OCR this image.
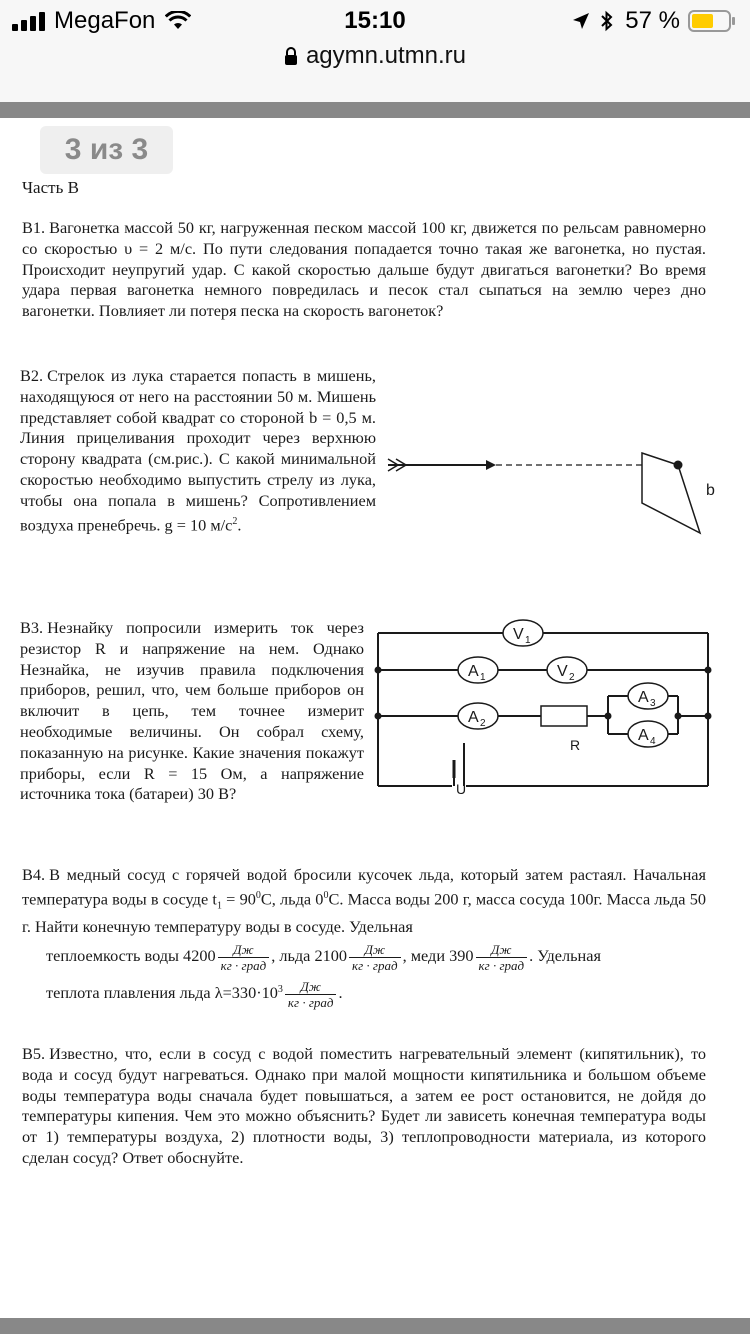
MegaFon	15:10	57 %
agymn.utmn.ru
3 из 3
Часть В
В1. Вагонетка массой 50 кг, нагруженная песком массой 100 кг, движется по рельсам равномерно со скоростью υ = 2 м/с. По пути следования попадается точно такая же вагонетка, но пустая. Происходит неупругий удар. С какой скоростью дальше будут двигаться вагонетки? Во время удара первая вагонетка немного повредилась и песок стал сыпаться на землю через дно вагонетки. Повлияет ли потеря песка на скорость вагонеток?
В2. Стрелок из лука старается попасть в мишень, находящуюся от него на расстоянии 50 м. Мишень представляет собой квадрат со стороной b = 0,5 м. Линия прицеливания проходит через верхнюю сторону квадрата (см.рис.). С какой минимальной скоростью необходимо выпустить стрелу из лука, чтобы она попала в мишень? Сопротивлением воздуха пренебречь. g = 10 $м/с^2$.
b
В3. Незнайку попросили измерить ток через резистор R и напряжение на нем. Однако Незнайка, не изучив правила подключения приборов, решил, что, чем больше приборов он включит в цепь, тем точнее измерит необходимые величины. Он собрал схему, показанную на рисунке. Какие значения покажут приборы, если R = 15 Ом, а напряжение источника тока (батареи) 30 В?	U
V 1
A 1	V 2
A 2
R
A 3
A 4
В4. В медный сосуд с горячей водой бросили кусочек льда, который затем растаял. Начальная температура воды в сосуде $t_1 = 90^0С$, льда $0^0С$. Масса воды 200 г, масса сосуда 100г. Масса льда 50 г. Найти конечную температуру воды в сосуде. Удельная
теплоемкость воды $4200 \frac{Дж}{\text{кг · град}}$ , льда $2100 \frac{Дж}{\text{кг · град}}$ , меди $390 \frac{Дж}{\text{кг · град}}$ . Удельная
теплота плавления льда $\lambda=330\cdot 10^3 \frac{Дж}{\text{кг · град}}$ .
В5. Известно, что, если в сосуд с водой поместить нагревательный элемент (кипятильник), то вода и сосуд будут нагреваться. Однако при малой мощности кипятильника и большом объеме воды температура воды сначала будет повышаться, а затем ее рост остановится, не дойдя до температуры кипения. Чем это можно объяснить? Будет ли зависеть конечная температура воды от 1) температуры воздуха, 2) плотности воды, 3) теплопроводности материала, из которого сделан сосуд? Ответ обоснуйте.
